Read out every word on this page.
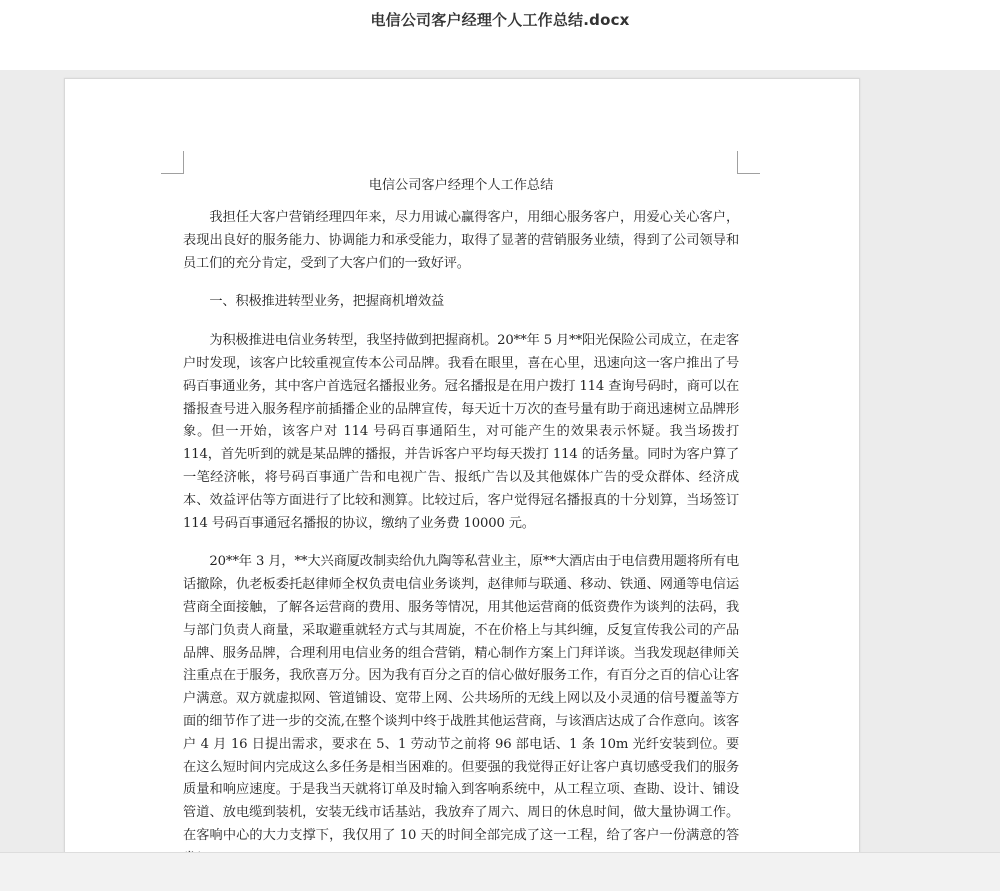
电信公司客户经理个人工作总结.docx
电信公司客户经理个人工作总结

我担任大客户营销经理四年来，尽力用诚心赢得客户，用细心服务客户，用爱心关心客户，表现出良好的服务能力、协调能力和承受能力，取得了显著的营销服务业绩，得到了公司领导和员工们的充分肯定，受到了大客户们的一致好评。

一、积极推进转型业务，把握商机增效益

为积极推进电信业务转型，我坚持做到把握商机。20**年 5 月**阳光保险公司成立，在走客户时发现，该客户比较重视宣传本公司品牌。我看在眼里，喜在心里，迅速向这一客户推出了号码百事通业务，其中客户首选冠名播报业务。冠名播报是在用户拨打 114 查询号码时，商可以在播报查号进入服务程序前插播企业的品牌宣传，每天近十万次的查号量有助于商迅速树立品牌形象。但一开始，该客户对 114 号码百事通陌生，对可能产生的效果表示怀疑。我当场拨打 114，首先听到的就是某品牌的播报，并告诉客户平均每天拨打 114 的话务量。同时为客户算了一笔经济帐，将号码百事通广告和电视广告、报纸广告以及其他媒体广告的受众群体、经济成本、效益评估等方面进行了比较和测算。比较过后，客户觉得冠名播报真的十分划算，当场签订 114 号码百事通冠名播报的协议，缴纳了业务费 10000 元。

20**年 3 月，**大兴商厦改制卖给仇九陶等私营业主，原**大酒店由于电信费用题将所有电话撤除，仇老板委托赵律师全权负责电信业务谈判，赵律师与联通、移动、铁通、网通等电信运营商全面接触，了解各运营商的费用、服务等情况，用其他运营商的低资费作为谈判的法码，我与部门负责人商量，采取避重就轻方式与其周旋，不在价格上与其纠缠，反复宣传我公司的产品品牌、服务品牌，合理利用电信业务的组合营销，精心制作方案上门拜详谈。当我发现赵律师关注重点在于服务，我欣喜万分。因为我有百分之百的信心做好服务工作，有百分之百的信心让客户满意。双方就虚拟网、管道铺设、宽带上网、公共场所的无线上网以及小灵通的信号覆盖等方面的细节作了进一步的交流,在整个谈判中终于战胜其他运营商，与该酒店达成了合作意向。该客户 4 月 16 日提出需求，要求在 5、1 劳动节之前将 96 部电话、1 条 10m 光纤安装到位。要在这么短时间内完成这么多任务是相当困难的。但要强的我觉得正好让客户真切感受我们的服务质量和响应速度。于是我当天就将订单及时输入到客响系统中，从工程立项、查勘、设计、铺设管道、放电缆到装机，安装无线市话基站，我放弃了周六、周日的休息时间，做大量协调工作。在客响中心的大力支撑下，我仅用了 10 天的时间全部完成了这一工程，给了客户一份满意的答
